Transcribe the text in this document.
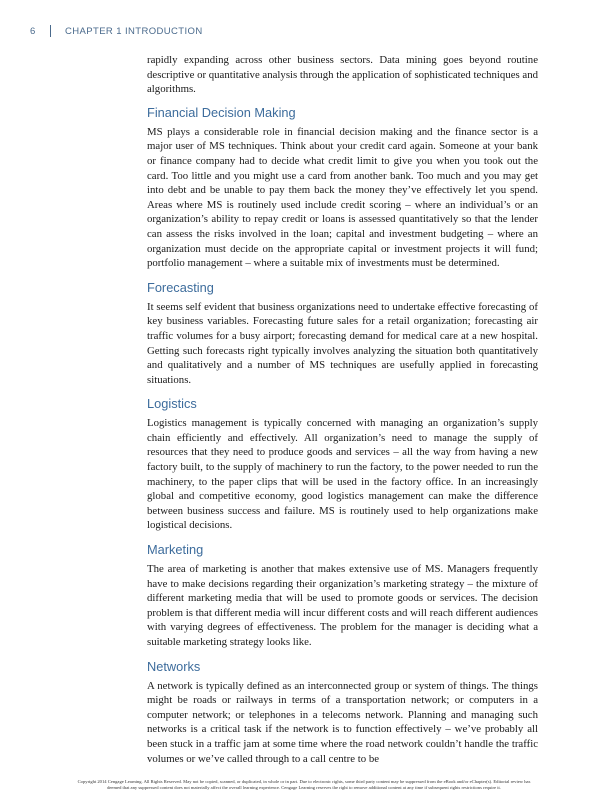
6	CHAPTER 1 INTRODUCTION

rapidly expanding across other business sectors. Data mining goes beyond routine descriptive or quantitative analysis through the application of sophisticated techniques and algorithms.

Financial Decision Making

MS plays a considerable role in financial decision making and the finance sector is a major user of MS techniques. Think about your credit card again. Someone at your bank or finance company had to decide what credit limit to give you when you took out the card. Too little and you might use a card from another bank. Too much and you may get into debt and be unable to pay them back the money they’ve effectively let you spend. Areas where MS is routinely used include credit scoring – where an individual’s or an organization’s ability to repay credit or loans is assessed quantitatively so that the lender can assess the risks involved in the loan; capital and investment budgeting – where an organization must decide on the appropriate capital or investment projects it will fund; portfolio management – where a suitable mix of investments must be determined.

Forecasting

It seems self evident that business organizations need to undertake effective forecasting of key business variables. Forecasting future sales for a retail organization; forecasting air traffic volumes for a busy airport; forecasting demand for medical care at a new hospital. Getting such forecasts right typically involves analyzing the situation both quantitatively and qualitatively and a number of MS techniques are usefully applied in forecasting situations.

Logistics

Logistics management is typically concerned with managing an organization’s supply chain efficiently and effectively. All organization’s need to manage the supply of resources that they need to produce goods and services – all the way from having a new factory built, to the supply of machinery to run the factory, to the power needed to run the machinery, to the paper clips that will be used in the factory office. In an increasingly global and competitive economy, good logistics management can make the difference between business success and failure. MS is routinely used to help organizations make logistical decisions.

Marketing

The area of marketing is another that makes extensive use of MS. Managers frequently have to make decisions regarding their organization’s marketing strategy – the mixture of different marketing media that will be used to promote goods or services. The decision problem is that different media will incur different costs and will reach different audiences with varying degrees of effectiveness. The problem for the manager is deciding what a suitable marketing strategy looks like.

Networks

A network is typically defined as an interconnected group or system of things. The things might be roads or railways in terms of a transportation network; or computers in a computer network; or telephones in a telecoms network. Planning and managing such networks is a critical task if the network is to function effectively – we’ve probably all been stuck in a traffic jam at some time where the road network couldn’t handle the traffic volumes or we’ve called through to a call centre to be

Copyright 2014 Cengage Learning. All Rights Reserved. May not be copied, scanned, or duplicated, in whole or in part. Due to electronic rights, some third party content may be suppressed from the eBook and/or eChapter(s). Editorial review has
deemed that any suppressed content does not materially affect the overall learning experience. Cengage Learning reserves the right to remove additional content at any time if subsequent rights restrictions require it.
